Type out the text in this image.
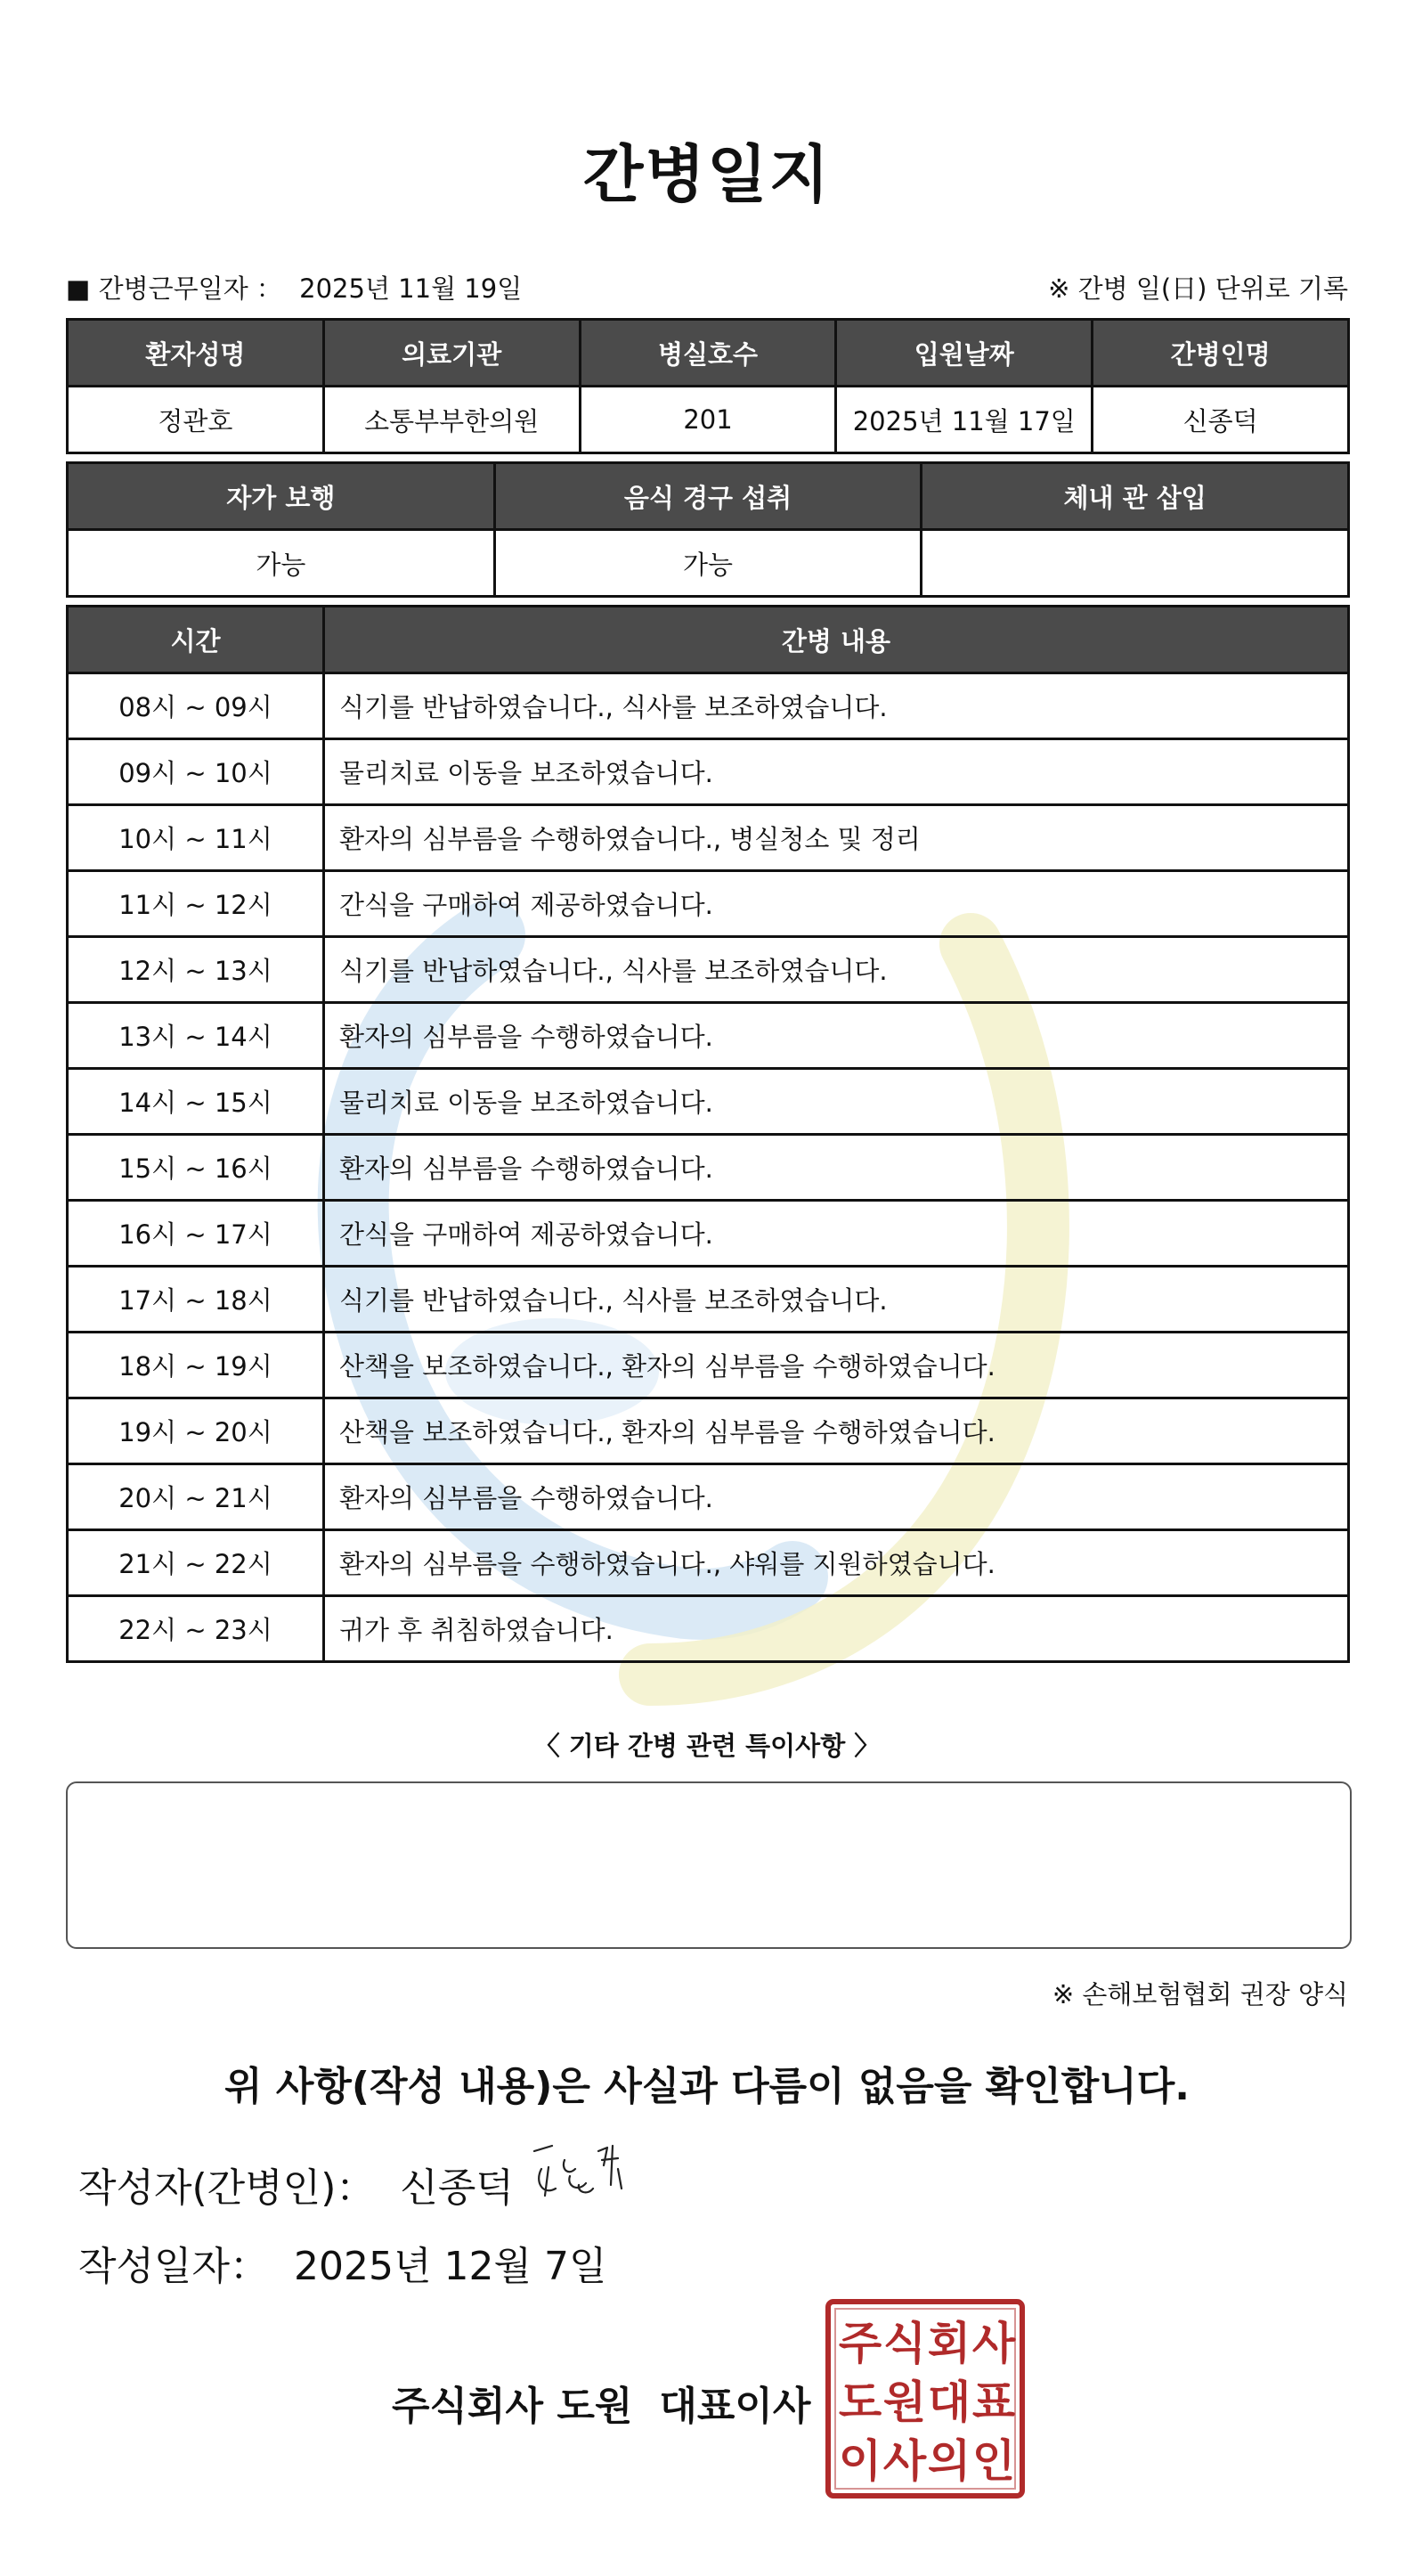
간병일지
■ 간병근무일자 ： 2025년 11월 19일	※ 간병 일(日) 단위로 기록
환자성명	의료기관	병실호수	입원날짜	간병인명
정관호	소통부부한의원	201	2025년 11월 17일	신종덕
자가 보행	음식 경구 섭취	체내 관 삽입
가능	가능	
시간	간병 내용
08시 ~ 09시	식기를 반납하였습니다., 식사를 보조하였습니다.
09시 ~ 10시	물리치료 이동을 보조하였습니다.
10시 ~ 11시	환자의 심부름을 수행하였습니다., 병실청소 및 정리
11시 ~ 12시	간식을 구매하여 제공하였습니다.
12시 ~ 13시	식기를 반납하였습니다., 식사를 보조하였습니다.
13시 ~ 14시	환자의 심부름을 수행하였습니다.
14시 ~ 15시	물리치료 이동을 보조하였습니다.
15시 ~ 16시	환자의 심부름을 수행하였습니다.
16시 ~ 17시	간식을 구매하여 제공하였습니다.
17시 ~ 18시	식기를 반납하였습니다., 식사를 보조하였습니다.
18시 ~ 19시	산책을 보조하였습니다., 환자의 심부름을 수행하였습니다.
19시 ~ 20시	산책을 보조하였습니다., 환자의 심부름을 수행하였습니다.
20시 ~ 21시	환자의 심부름을 수행하였습니다.
21시 ~ 22시	환자의 심부름을 수행하였습니다., 샤워를 지원하였습니다.
22시 ~ 23시	귀가 후 취침하였습니다.
〈 기타 간병 관련 특이사항 〉
※ 손해보험협회 권장 양식
위 사항(작성 내용)은 사실과 다름이 없음을 확인합니다.
작성자(간병인)： 신종덕
작성일자： 2025년 12월 7일
주식회사 도원 대표이사
주 식 회 사
도 원 대 표
이 사 의 인
